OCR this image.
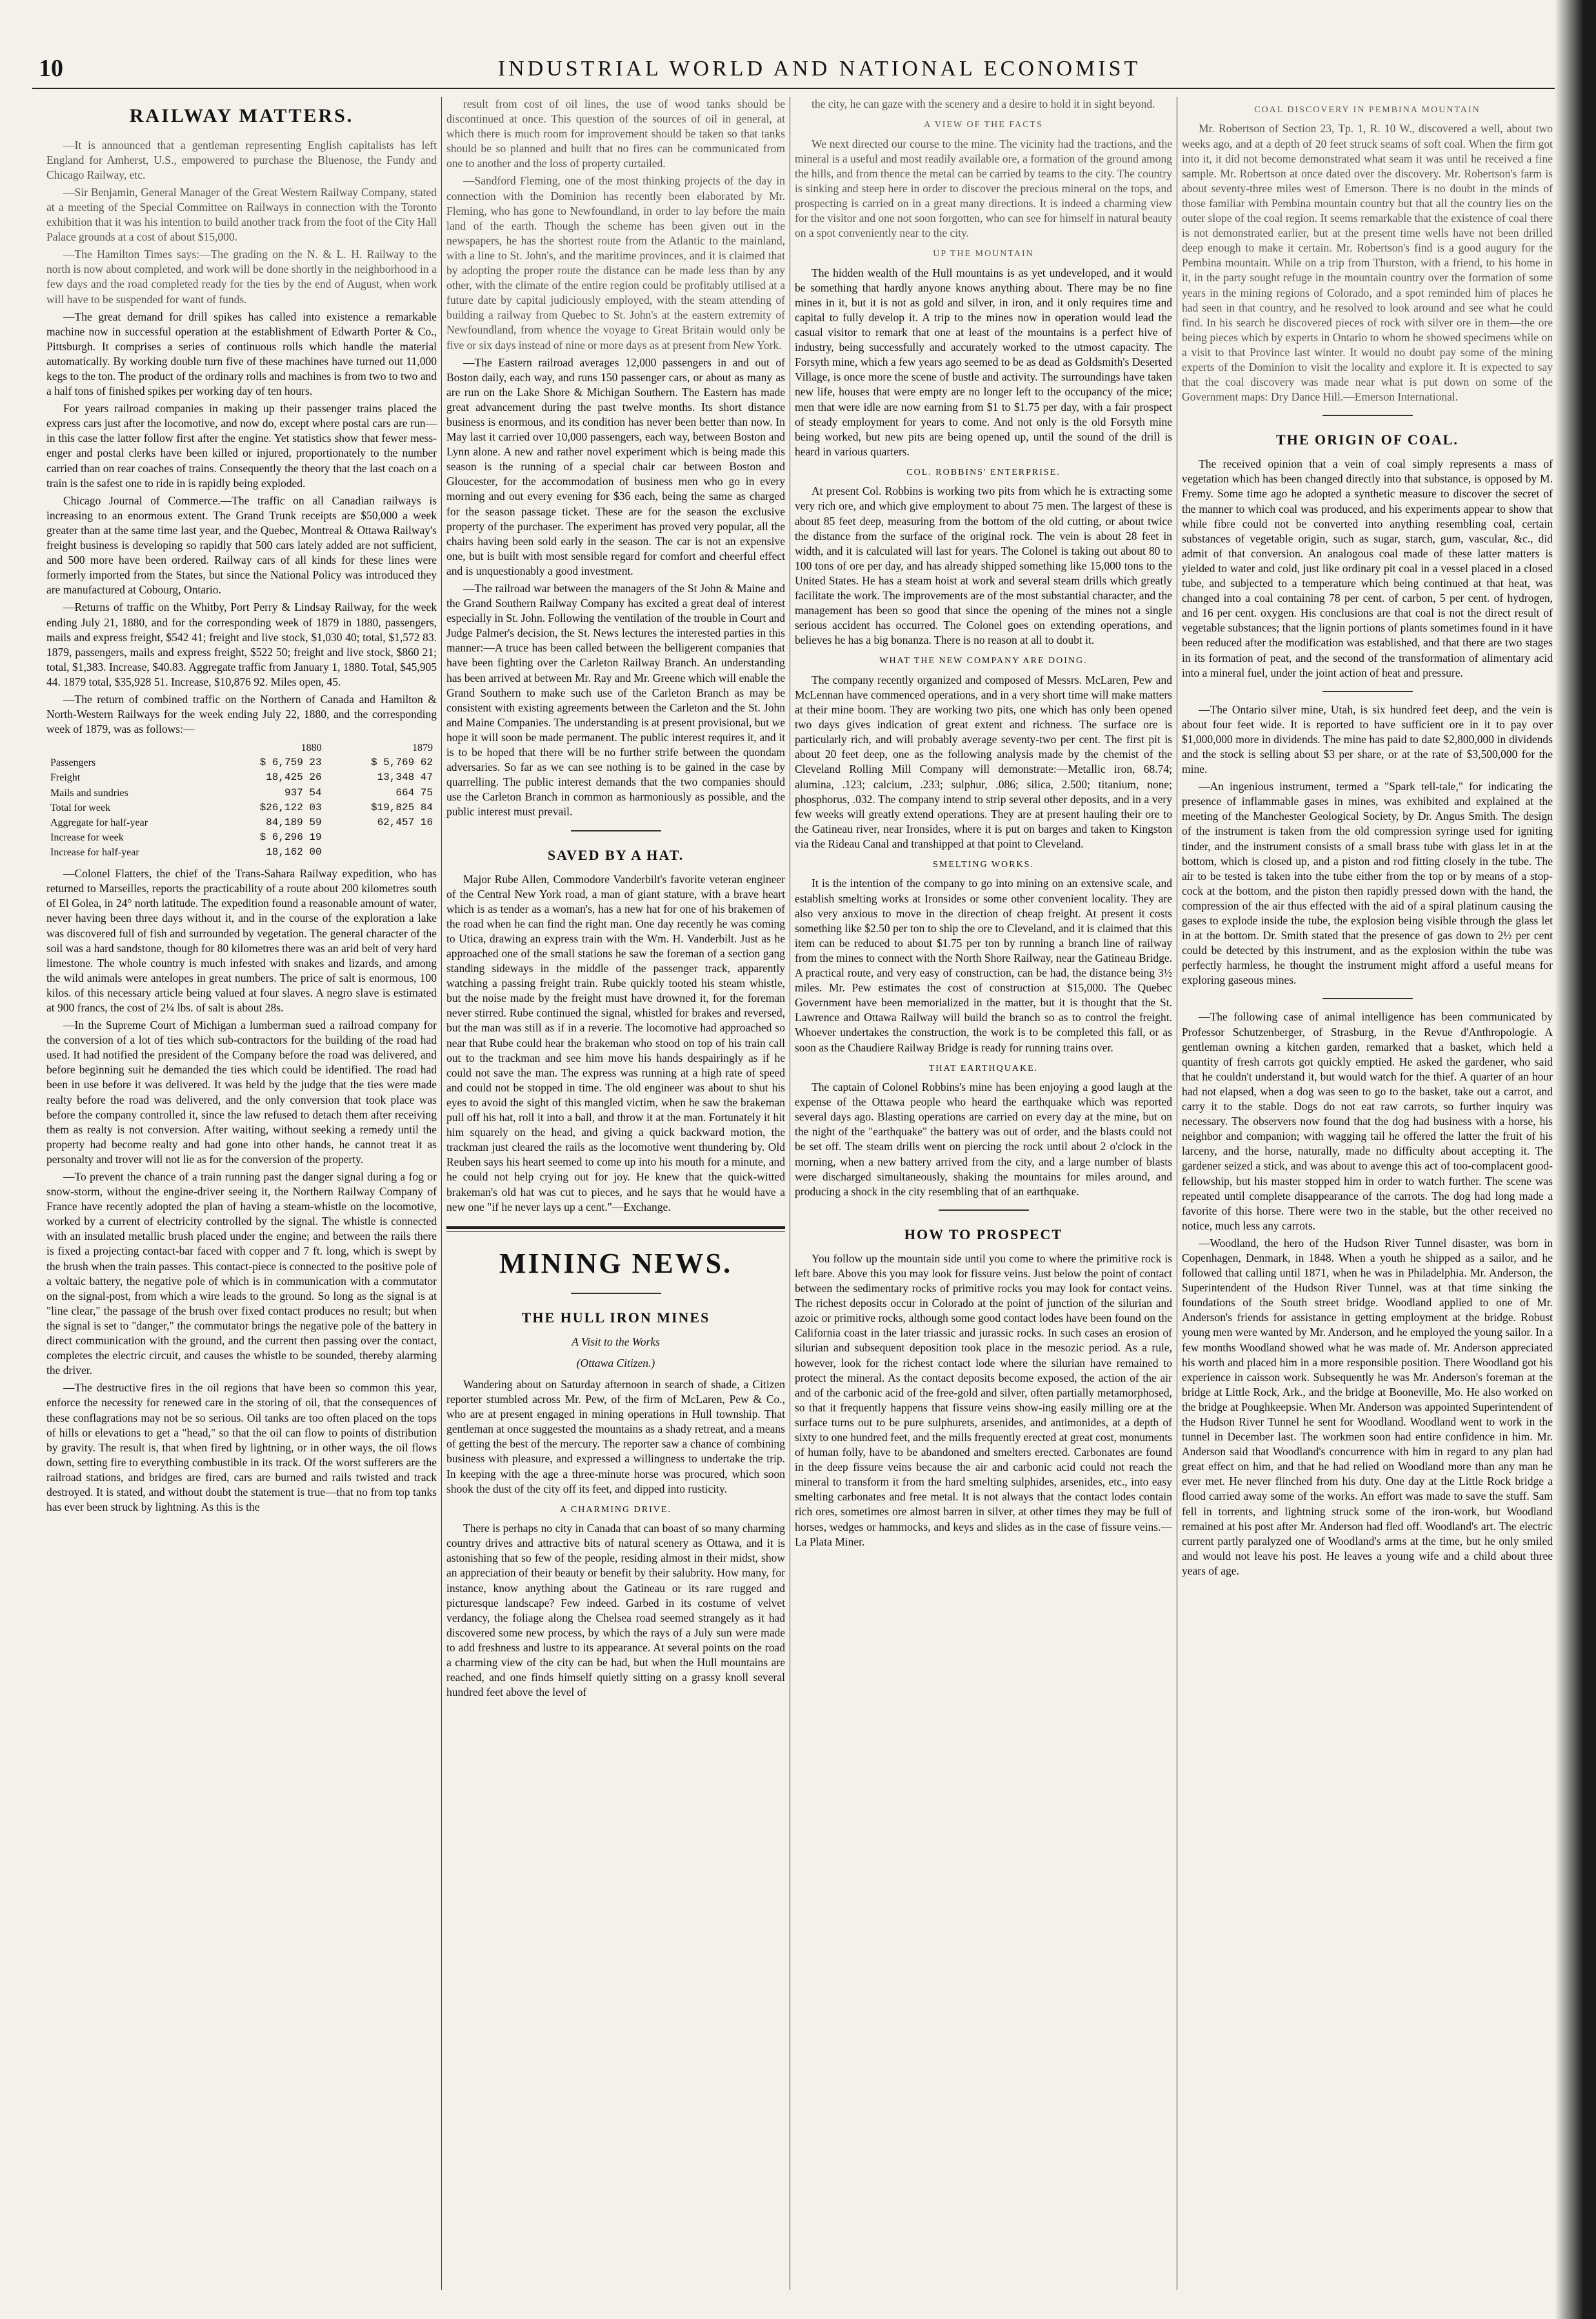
10	INDUSTRIAL WORLD AND NATIONAL ECONOMIST
RAILWAY MATTERS.

—It is announced that a gentleman representing English capitalists has left England for Amherst, U.S., empowered to purchase the Bluenose, the Fundy and Chicago Railway, etc.

—Sir Benjamin, General Manager of the Great Western Railway Company, stated at a meeting of the Special Committee on Railways in connection with the Toronto exhibition that it was his intention to build another track from the foot of the City Hall Palace grounds at a cost of about $15,000.

—The Hamilton Times says:—The grading on the N. & L. H. Railway to the north is now about completed, and work will be done shortly in the neighborhood in a few days and the road completed ready for the ties by the end of August, when work will have to be suspended for want of funds.

—The great demand for drill spikes has called into existence a remarkable machine now in successful operation at the establishment of Edwarth Porter & Co., Pittsburgh. It comprises a series of continuous rolls which handle the material automatically. By working double turn five of these machines have turned out 11,000 kegs to the ton. The product of the ordinary rolls and machines is from two to two and a half tons of finished spikes per working day of ten hours.

For years railroad companies in making up their passenger trains placed the express cars just after the locomotive, and now do, except where postal cars are run—in this case the latter follow first after the engine. Yet statistics show that fewer mess-enger and postal clerks have been killed or injured, proportionately to the number carried than on rear coaches of trains. Consequently the theory that the last coach on a train is the safest one to ride in is rapidly being exploded.

Chicago Journal of Commerce.—The traffic on all Canadian railways is increasing to an enormous extent. The Grand Trunk receipts are $50,000 a week greater than at the same time last year, and the Quebec, Montreal & Ottawa Railway's freight business is developing so rapidly that 500 cars lately added are not sufficient, and 500 more have been ordered. Railway cars of all kinds for these lines were formerly imported from the States, but since the National Policy was introduced they are manufactured at Cobourg, Ontario.

—Returns of traffic on the Whitby, Port Perry & Lindsay Railway, for the week ending July 21, 1880, and for the corresponding week of 1879 in 1880, passengers, mails and express freight, $542 41; freight and live stock, $1,030 40; total, $1,572 83. 1879, passengers, mails and express freight, $522 50; freight and live stock, $860 21; total, $1,383. Increase, $40.83. Aggregate traffic from January 1, 1880. Total, $45,905 44. 1879 total, $35,928 51. Increase, $10,876 92. Miles open, 45.

—The return of combined traffic on the Northern of Canada and Hamilton & North-Western Railways for the week ending July 22, 1880, and the corresponding week of 1879, was as follows:—

	1880	1879
Passengers	$ 6,759 23	$ 5,769 62
Freight	18,425 26	13,348 47
Mails and sundries	937 54	664 75
Total for week	$26,122 03	$19,825 84
Aggregate for half-year	84,189 59	62,457 16
Increase for week	$ 6,296 19	
Increase for half-year	18,162 00	

—Colonel Flatters, the chief of the Trans-Sahara Railway expedition, who has returned to Marseilles, reports the practicability of a route about 200 kilometres south of El Golea, in 24° north latitude. The expedition found a reasonable amount of water, never having been three days without it, and in the course of the exploration a lake was discovered full of fish and surrounded by vegetation. The general character of the soil was a hard sandstone, though for 80 kilometres there was an arid belt of very hard limestone. The whole country is much infested with snakes and lizards, and among the wild animals were antelopes in great numbers. The price of salt is enormous, 100 kilos. of this necessary article being valued at four slaves. A negro slave is estimated at 900 francs, the cost of 2¼ lbs. of salt is about 28s.

—In the Supreme Court of Michigan a lumberman sued a railroad company for the conversion of a lot of ties which sub-contractors for the building of the road had used. It had notified the president of the Company before the road was delivered, and before beginning suit he demanded the ties which could be identified. The road had been in use before it was delivered. It was held by the judge that the ties were made realty before the road was delivered, and the only conversion that took place was before the company controlled it, since the law refused to detach them after receiving them as realty is not conversion. After waiting, without seeking a remedy until the property had become realty and had gone into other hands, he cannot treat it as personalty and trover will not lie as for the conversion of the property.

—To prevent the chance of a train running past the danger signal during a fog or snow-storm, without the engine-driver seeing it, the Northern Railway Company of France have recently adopted the plan of having a steam-whistle on the locomotive, worked by a current of electricity controlled by the signal. The whistle is connected with an insulated metallic brush placed under the engine; and between the rails there is fixed a projecting contact-bar faced with copper and 7 ft. long, which is swept by the brush when the train passes. This contact-piece is connected to the positive pole of a voltaic battery, the negative pole of which is in communication with a commutator on the signal-post, from which a wire leads to the ground. So long as the signal is at "line clear," the passage of the brush over fixed contact produces no result; but when the signal is set to "danger," the commutator brings the negative pole of the battery in direct communication with the ground, and the current then passing over the contact, completes the electric circuit, and causes the whistle to be sounded, thereby alarming the driver.

—The destructive fires in the oil regions that have been so common this year, enforce the necessity for renewed care in the storing of oil, that the consequences of these conflagrations may not be so serious. Oil tanks are too often placed on the tops of hills or elevations to get a "head," so that the oil can flow to points of distribution by gravity. The result is, that when fired by lightning, or in other ways, the oil flows down, setting fire to everything combustible in its track. Of the worst sufferers are the railroad stations, and bridges are fired, cars are burned and rails twisted and track destroyed. It is stated, and without doubt the statement is true—that no from top tanks has ever been struck by lightning. As this is the

result from cost of oil lines, the use of wood tanks should be discontinued at once. This question of the sources of oil in general, at which there is much room for improvement should be taken so that tanks should be so planned and built that no fires can be communicated from one to another and the loss of property curtailed.

—Sandford Fleming, one of the most thinking projects of the day in connection with the Dominion has recently been elaborated by Mr. Fleming, who has gone to Newfoundland, in order to lay before the main land of the earth. Though the scheme has been given out in the newspapers, he has the shortest route from the Atlantic to the mainland, with a line to St. John's, and the maritime provinces, and it is claimed that by adopting the proper route the distance can be made less than by any other, with the climate of the entire region could be profitably utilised at a future date by capital judiciously employed, with the steam attending of building a railway from Quebec to St. John's at the eastern extremity of Newfoundland, from whence the voyage to Great Britain would only be five or six days instead of nine or more days as at present from New York.

—The Eastern railroad averages 12,000 passengers in and out of Boston daily, each way, and runs 150 passenger cars, or about as many as are run on the Lake Shore & Michigan Southern. The Eastern has made great advancement during the past twelve months. Its short distance business is enormous, and its condition has never been better than now. In May last it carried over 10,000 passengers, each way, between Boston and Lynn alone. A new and rather novel experiment which is being made this season is the running of a special chair car between Boston and Gloucester, for the accommodation of business men who go in every morning and out every evening for $36 each, being the same as charged for the season passage ticket. These are for the season the exclusive property of the purchaser. The experiment has proved very popular, all the chairs having been sold early in the season. The car is not an expensive one, but is built with most sensible regard for comfort and cheerful effect and is unquestionably a good investment.

—The railroad war between the managers of the St John & Maine and the Grand Southern Railway Company has excited a great deal of interest especially in St. John. Following the ventilation of the trouble in Court and Judge Palmer's decision, the St. News lectures the interested parties in this manner:—A truce has been called between the belligerent companies that have been fighting over the Carleton Railway Branch. An understanding has been arrived at between Mr. Ray and Mr. Greene which will enable the Grand Southern to make such use of the Carleton Branch as may be consistent with existing agreements between the Carleton and the St. John and Maine Companies. The understanding is at present provisional, but we hope it will soon be made permanent. The public interest requires it, and it is to be hoped that there will be no further strife between the quondam adversaries. So far as we can see nothing is to be gained in the case by quarrelling. The public interest demands that the two companies should use the Carleton Branch in common as harmoniously as possible, and the public interest must prevail.

SAVED BY A HAT.

Major Rube Allen, Commodore Vanderbilt's favorite veteran engineer of the Central New York road, a man of giant stature, with a brave heart which is as tender as a woman's, has a new hat for one of his brakemen of the road when he can find the right man. One day recently he was coming to Utica, drawing an express train with the Wm. H. Vanderbilt. Just as he approached one of the small stations he saw the foreman of a section gang standing sideways in the middle of the passenger track, apparently watching a passing freight train. Rube quickly tooted his steam whistle, but the noise made by the freight must have drowned it, for the foreman never stirred. Rube continued the signal, whistled for brakes and reversed, but the man was still as if in a reverie. The locomotive had approached so near that Rube could hear the brakeman who stood on top of his train call out to the trackman and see him move his hands despairingly as if he could not save the man. The express was running at a high rate of speed and could not be stopped in time. The old engineer was about to shut his eyes to avoid the sight of this mangled victim, when he saw the brakeman pull off his hat, roll it into a ball, and throw it at the man. Fortunately it hit him squarely on the head, and giving a quick backward motion, the trackman just cleared the rails as the locomotive went thundering by. Old Reuben says his heart seemed to come up into his mouth for a minute, and he could not help crying out for joy. He knew that the quick-witted brakeman's old hat was cut to pieces, and he says that he would have a new one "if he never lays up a cent."—Exchange.

MINING NEWS.
THE HULL IRON MINES
A Visit to the Works
(Ottawa Citizen.)

Wandering about on Saturday afternoon in search of shade, a Citizen reporter stumbled across Mr. Pew, of the firm of McLaren, Pew & Co., who are at present engaged in mining operations in Hull township. That gentleman at once suggested the mountains as a shady retreat, and a means of getting the best of the mercury. The reporter saw a chance of combining business with pleasure, and expressed a willingness to undertake the trip. In keeping with the age a three-minute horse was procured, which soon shook the dust of the city off its feet, and dipped into rusticity.

A CHARMING DRIVE.

There is perhaps no city in Canada that can boast of so many charming country drives and attractive bits of natural scenery as Ottawa, and it is astonishing that so few of the people, residing almost in their midst, show an appreciation of their beauty or benefit by their salubrity. How many, for instance, know anything about the Gatineau or its rare rugged and picturesque landscape? Few indeed. Garbed in its costume of velvet verdancy, the foliage along the Chelsea road seemed strangely as it had discovered some new process, by which the rays of a July sun were made to add freshness and lustre to its appearance. At several points on the road a charming view of the city can be had, but when the Hull mountains are reached, and one finds himself quietly sitting on a grassy knoll several hundred feet above the level of

the city, he can gaze with the scenery and a desire to hold it in sight beyond.

A VIEW OF THE FACTS

We next directed our course to the mine. The vicinity had the tractions, and the mineral is a useful and most readily available ore, a formation of the ground among the hills, and from thence the metal can be carried by teams to the city. The country is sinking and steep here in order to discover the precious mineral on the tops, and prospecting is carried on in a great many directions. It is indeed a charming view for the visitor and one not soon forgotten, who can see for himself in natural beauty on a spot conveniently near to the city.

UP THE MOUNTAIN

The hidden wealth of the Hull mountains is as yet undeveloped, and it would be something that hardly anyone knows anything about. There may be no fine mines in it, but it is not as gold and silver, in iron, and it only requires time and capital to fully develop it. A trip to the mines now in operation would lead the casual visitor to remark that one at least of the mountains is a perfect hive of industry, being successfully and accurately worked to the utmost capacity. The Forsyth mine, which a few years ago seemed to be as dead as Goldsmith's Deserted Village, is once more the scene of bustle and activity. The surroundings have taken new life, houses that were empty are no longer left to the occupancy of the mice; men that were idle are now earning from $1 to $1.75 per day, with a fair prospect of steady employment for years to come. And not only is the old Forsyth mine being worked, but new pits are being opened up, until the sound of the drill is heard in various quarters.

COL. ROBBINS' ENTERPRISE.

At present Col. Robbins is working two pits from which he is extracting some very rich ore, and which give employment to about 75 men. The largest of these is about 85 feet deep, measuring from the bottom of the old cutting, or about twice the distance from the surface of the original rock. The vein is about 28 feet in width, and it is calculated will last for years. The Colonel is taking out about 80 to 100 tons of ore per day, and has already shipped something like 15,000 tons to the United States. He has a steam hoist at work and several steam drills which greatly facilitate the work. The improvements are of the most substantial character, and the management has been so good that since the opening of the mines not a single serious accident has occurred. The Colonel goes on extending operations, and believes he has a big bonanza. There is no reason at all to doubt it.

WHAT THE NEW COMPANY ARE DOING.

The company recently organized and composed of Messrs. McLaren, Pew and McLennan have commenced operations, and in a very short time will make matters at their mine boom. They are working two pits, one which has only been opened two days gives indication of great extent and richness. The surface ore is particularly rich, and will probably average seventy-two per cent. The first pit is about 20 feet deep, one as the following analysis made by the chemist of the Cleveland Rolling Mill Company will demonstrate:—Metallic iron, 68.74; alumina, .123; calcium, .233; sulphur, .086; silica, 2.500; titanium, none; phosphorus, .032. The company intend to strip several other deposits, and in a very few weeks will greatly extend operations. They are at present hauling their ore to the Gatineau river, near Ironsides, where it is put on barges and taken to Kingston via the Rideau Canal and transhipped at that point to Cleveland.

SMELTING WORKS.

It is the intention of the company to go into mining on an extensive scale, and establish smelting works at Ironsides or some other convenient locality. They are also very anxious to move in the direction of cheap freight. At present it costs something like $2.50 per ton to ship the ore to Cleveland, and it is claimed that this item can be reduced to about $1.75 per ton by running a branch line of railway from the mines to connect with the North Shore Railway, near the Gatineau Bridge. A practical route, and very easy of construction, can be had, the distance being 3½ miles. Mr. Pew estimates the cost of construction at $15,000. The Quebec Government have been memorialized in the matter, but it is thought that the St. Lawrence and Ottawa Railway will build the branch so as to control the freight. Whoever undertakes the construction, the work is to be completed this fall, or as soon as the Chaudiere Railway Bridge is ready for running trains over.

THAT EARTHQUAKE.

The captain of Colonel Robbins's mine has been enjoying a good laugh at the expense of the Ottawa people who heard the earthquake which was reported several days ago. Blasting operations are carried on every day at the mine, but on the night of the "earthquake" the battery was out of order, and the blasts could not be set off. The steam drills went on piercing the rock until about 2 o'clock in the morning, when a new battery arrived from the city, and a large number of blasts were discharged simultaneously, shaking the mountains for miles around, and producing a shock in the city resembling that of an earthquake.

HOW TO PROSPECT

You follow up the mountain side until you come to where the primitive rock is left bare. Above this you may look for fissure veins. Just below the point of contact between the sedimentary rocks of primitive rocks you may look for contact veins. The richest deposits occur in Colorado at the point of junction of the silurian and azoic or primitive rocks, although some good contact lodes have been found on the California coast in the later triassic and jurassic rocks. In such cases an erosion of silurian and subsequent deposition took place in the mesozic period. As a rule, however, look for the richest contact lode where the silurian have remained to protect the mineral. As the contact deposits become exposed, the action of the air and of the carbonic acid of the free-gold and silver, often partially metamorphosed, so that it frequently happens that fissure veins show-ing easily milling ore at the surface turns out to be pure sulphurets, arsenides, and antimonides, at a depth of sixty to one hundred feet, and the mills frequently erected at great cost, monuments of human folly, have to be abandoned and smelters erected. Carbonates are found in the deep fissure veins because the air and carbonic acid could not reach the mineral to transform it from the hard smelting sulphides, arsenides, etc., into easy smelting carbonates and free metal. It is not always that the contact lodes contain rich ores, sometimes ore almost barren in silver, at other times they may be full of horses, wedges or hammocks, and keys and slides as in the case of fissure veins.—La Plata Miner.

COAL DISCOVERY IN PEMBINA MOUNTAIN

Mr. Robertson of Section 23, Tp. 1, R. 10 W., discovered a well, about two weeks ago, and at a depth of 20 feet struck seams of soft coal. When the firm got into it, it did not become demonstrated what seam it was until he received a fine sample. Mr. Robertson at once dated over the discovery. Mr. Robertson's farm is about seventy-three miles west of Emerson. There is no doubt in the minds of those familiar with Pembina mountain country but that all the country lies on the outer slope of the coal region. It seems remarkable that the existence of coal there is not demonstrated earlier, but at the present time wells have not been drilled deep enough to make it certain. Mr. Robertson's find is a good augury for the Pembina mountain. While on a trip from Thurston, with a friend, to his home in it, in the party sought refuge in the mountain country over the formation of some years in the mining regions of Colorado, and a spot reminded him of places he had seen in that country, and he resolved to look around and see what he could find. In his search he discovered pieces of rock with silver ore in them—the ore being pieces which by experts in Ontario to whom he showed specimens while on a visit to that Province last winter. It would no doubt pay some of the mining experts of the Dominion to visit the locality and explore it. It is expected to say that the coal discovery was made near what is put down on some of the Government maps: Dry Dance Hill.—Emerson International.

THE ORIGIN OF COAL.

The received opinion that a vein of coal simply represents a mass of vegetation which has been changed directly into that substance, is opposed by M. Fremy. Some time ago he adopted a synthetic measure to discover the secret of the manner to which coal was produced, and his experiments appear to show that while fibre could not be converted into anything resembling coal, certain substances of vegetable origin, such as sugar, starch, gum, vascular, &c., did admit of that conversion. An analogous coal made of these latter matters is yielded to water and cold, just like ordinary pit coal in a vessel placed in a closed tube, and subjected to a temperature which being continued at that heat, was changed into a coal containing 78 per cent. of carbon, 5 per cent. of hydrogen, and 16 per cent. oxygen. His conclusions are that coal is not the direct result of vegetable substances; that the lignin portions of plants sometimes found in it have been reduced after the modification was established, and that there are two stages in its formation of peat, and the second of the transformation of alimentary acid into a mineral fuel, under the joint action of heat and pressure.

—The Ontario silver mine, Utah, is six hundred feet deep, and the vein is about four feet wide. It is reported to have sufficient ore in it to pay over $1,000,000 more in dividends. The mine has paid to date $2,800,000 in dividends and the stock is selling about $3 per share, or at the rate of $3,500,000 for the mine.

—An ingenious instrument, termed a "Spark tell-tale," for indicating the presence of inflammable gases in mines, was exhibited and explained at the meeting of the Manchester Geological Society, by Dr. Angus Smith. The design of the instrument is taken from the old compression syringe used for igniting tinder, and the instrument consists of a small brass tube with glass let in at the bottom, which is closed up, and a piston and rod fitting closely in the tube. The air to be tested is taken into the tube either from the top or by means of a stop-cock at the bottom, and the piston then rapidly pressed down with the hand, the compression of the air thus effected with the aid of a spiral platinum causing the gases to explode inside the tube, the explosion being visible through the glass let in at the bottom. Dr. Smith stated that the presence of gas down to 2½ per cent could be detected by this instrument, and as the explosion within the tube was perfectly harmless, he thought the instrument might afford a useful means for exploring gaseous mines.

—The following case of animal intelligence has been communicated by Professor Schutzenberger, of Strasburg, in the Revue d'Anthropologie. A gentleman owning a kitchen garden, remarked that a basket, which held a quantity of fresh carrots got quickly emptied. He asked the gardener, who said that he couldn't understand it, but would watch for the thief. A quarter of an hour had not elapsed, when a dog was seen to go to the basket, take out a carrot, and carry it to the stable. Dogs do not eat raw carrots, so further inquiry was necessary. The observers now found that the dog had business with a horse, his neighbor and companion; with wagging tail he offered the latter the fruit of his larceny, and the horse, naturally, made no difficulty about accepting it. The gardener seized a stick, and was about to avenge this act of too-complacent good-fellowship, but his master stopped him in order to watch further. The scene was repeated until complete disappearance of the carrots. The dog had long made a favorite of this horse. There were two in the stable, but the other received no notice, much less any carrots.

—Woodland, the hero of the Hudson River Tunnel disaster, was born in Copenhagen, Denmark, in 1848. When a youth he shipped as a sailor, and he followed that calling until 1871, when he was in Philadelphia. Mr. Anderson, the Superintendent of the Hudson River Tunnel, was at that time sinking the foundations of the South street bridge. Woodland applied to one of Mr. Anderson's friends for assistance in getting employment at the bridge. Robust young men were wanted by Mr. Anderson, and he employed the young sailor. In a few months Woodland showed what he was made of. Mr. Anderson appreciated his worth and placed him in a more responsible position. There Woodland got his experience in caisson work. Subsequently he was Mr. Anderson's foreman at the bridge at Little Rock, Ark., and the bridge at Booneville, Mo. He also worked on the bridge at Poughkeepsie. When Mr. Anderson was appointed Superintendent of the Hudson River Tunnel he sent for Woodland. Woodland went to work in the tunnel in December last. The workmen soon had entire confidence in him. Mr. Anderson said that Woodland's concurrence with him in regard to any plan had great effect on him, and that he had relied on Woodland more than any man he ever met. He never flinched from his duty. One day at the Little Rock bridge a flood carried away some of the works. An effort was made to save the stuff. Sam fell in torrents, and lightning struck some of the iron-work, but Woodland remained at his post after Mr. Anderson had fled off. Woodland's art. The electric current partly paralyzed one of Woodland's arms at the time, but he only smiled and would not leave his post. He leaves a young wife and a child about three years of age.
